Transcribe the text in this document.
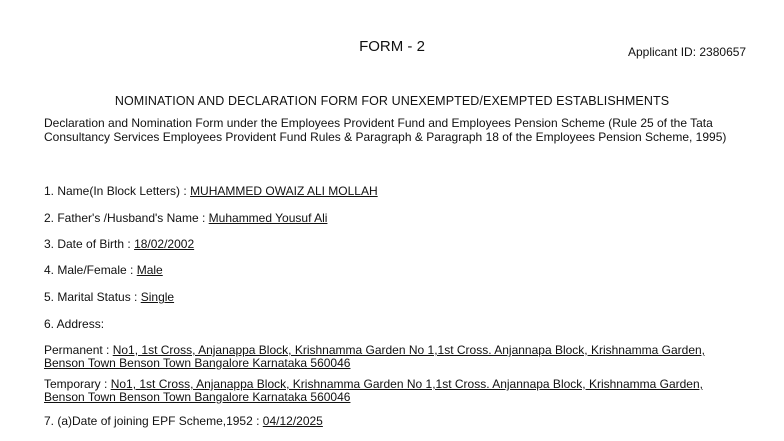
FORM - 2	Applicant ID: 2380657
NOMINATION AND DECLARATION FORM FOR UNEXEMPTED/EXEMPTED ESTABLISHMENTS
Declaration and Nomination Form under the Employees Provident Fund and Employees Pension Scheme (Rule 25 of the Tata Consultancy Services Employees Provident Fund Rules & Paragraph & Paragraph 18 of the Employees Pension Scheme, 1995)
1. Name(In Block Letters) : MUHAMMED OWAIZ ALI MOLLAH
2. Father's /Husband's Name : Muhammed Yousuf Ali
3. Date of Birth : 18/02/2002
4. Male/Female : Male
5. Marital Status : Single
6. Address:
Permanent : No1, 1st Cross, Anjanappa Block, Krishnamma Garden No 1,1st Cross. Anjannapa Block, Krishnamma Garden, Benson Town Benson Town Bangalore Karnataka 560046
Temporary : No1, 1st Cross, Anjanappa Block, Krishnamma Garden No 1,1st Cross. Anjannapa Block, Krishnamma Garden, Benson Town Benson Town Bangalore Karnataka 560046
7. (a)Date of joining EPF Scheme,1952 : 04/12/2025
